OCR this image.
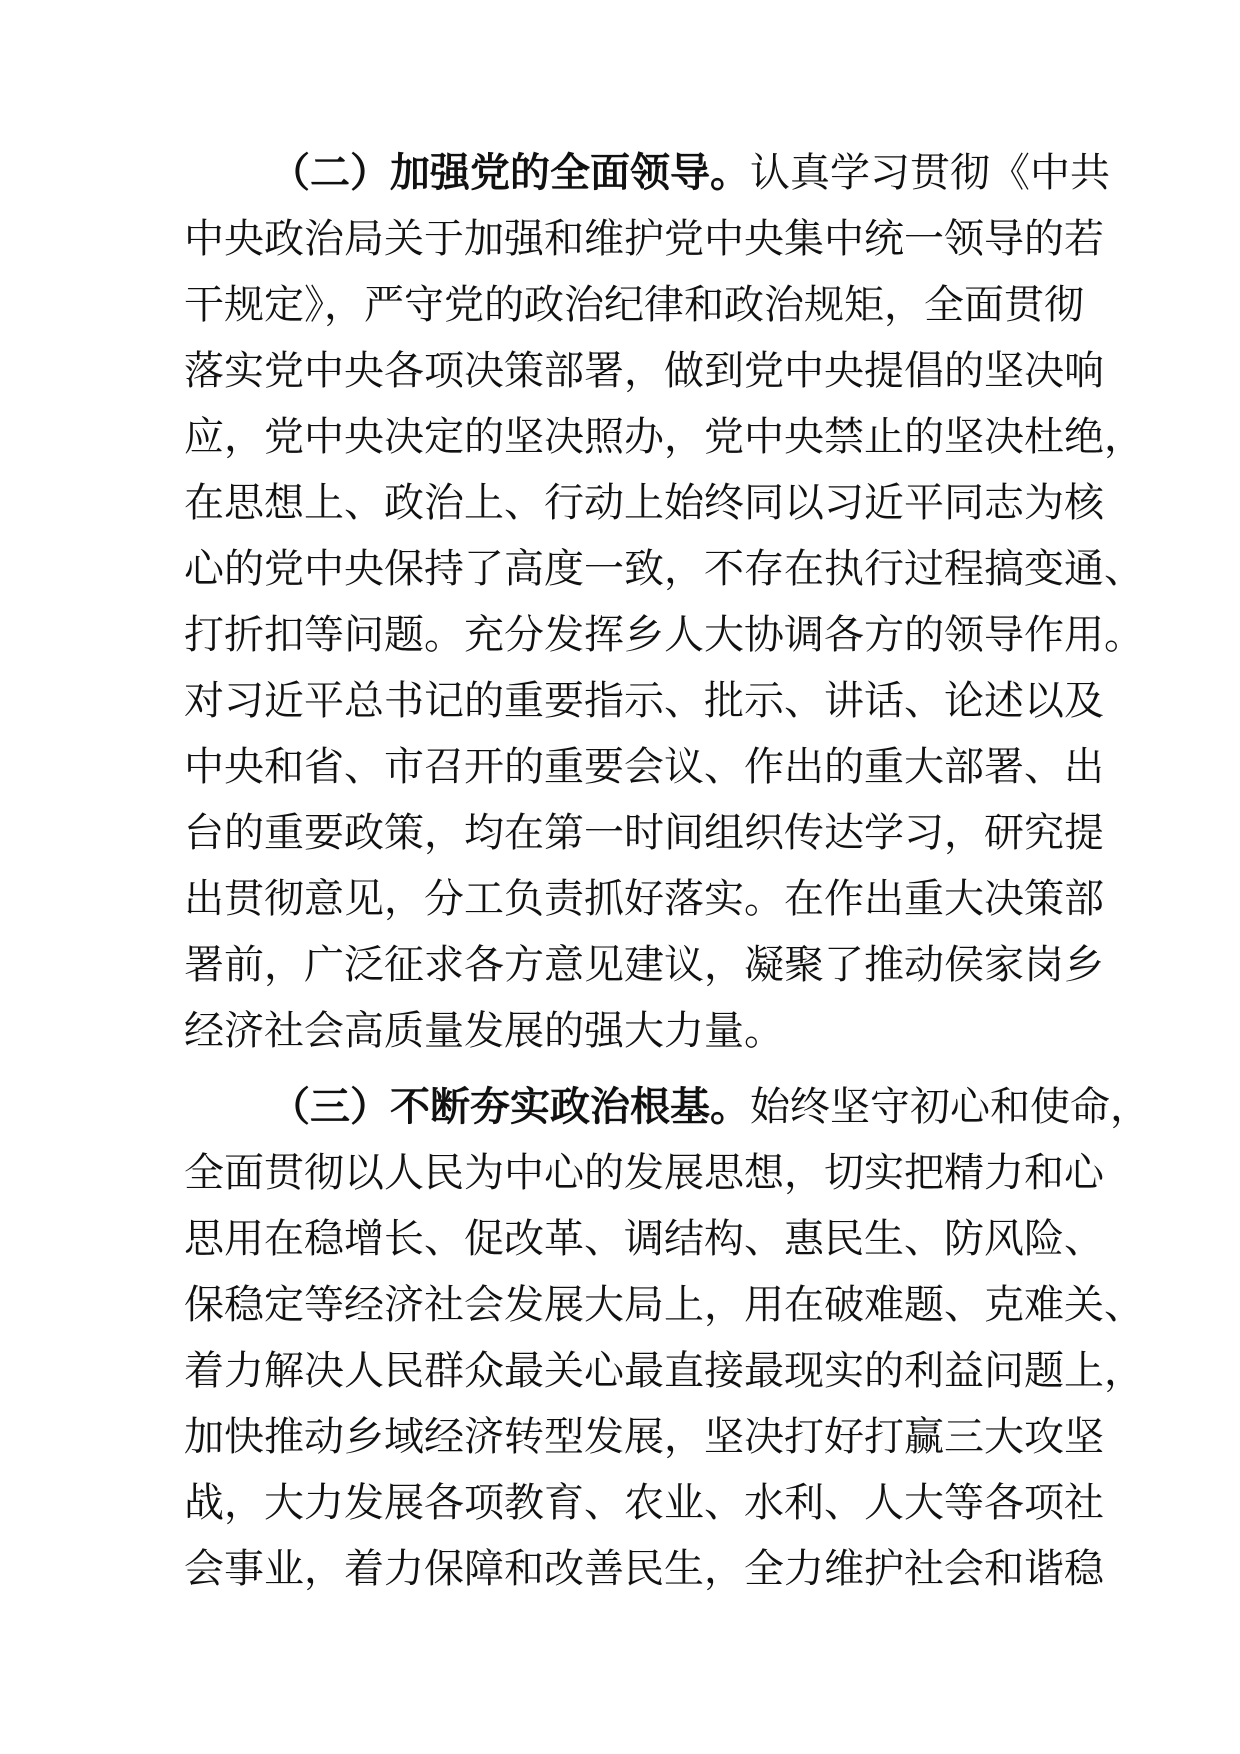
（二）加强党的全面领导。认真学习贯彻《中共
中央政治局关于加强和维护党中央集中统一领导的若
干规定》，严守党的政治纪律和政治规矩，全面贯彻
落实党中央各项决策部署，做到党中央提倡的坚决响
应，党中央决定的坚决照办，党中央禁止的坚决杜绝，
在思想上、政治上、行动上始终同以习近平同志为核
心的党中央保持了高度一致，不存在执行过程搞变通、
打折扣等问题。充分发挥乡人大协调各方的领导作用。
对习近平总书记的重要指示、批示、讲话、论述以及
中央和省、市召开的重要会议、作出的重大部署、出
台的重要政策，均在第一时间组织传达学习，研究提
出贯彻意见，分工负责抓好落实。在作出重大决策部
署前，广泛征求各方意见建议，凝聚了推动侯家岗乡
经济社会高质量发展的强大力量。
（三）不断夯实政治根基。始终坚守初心和使命，
全面贯彻以人民为中心的发展思想，切实把精力和心
思用在稳增长、促改革、调结构、惠民生、防风险、
保稳定等经济社会发展大局上，用在破难题、克难关、
着力解决人民群众最关心最直接最现实的利益问题上，
加快推动乡域经济转型发展，坚决打好打赢三大攻坚
战，大力发展各项教育、农业、水利、人大等各项社
会事业，着力保障和改善民生，全力维护社会和谐稳
